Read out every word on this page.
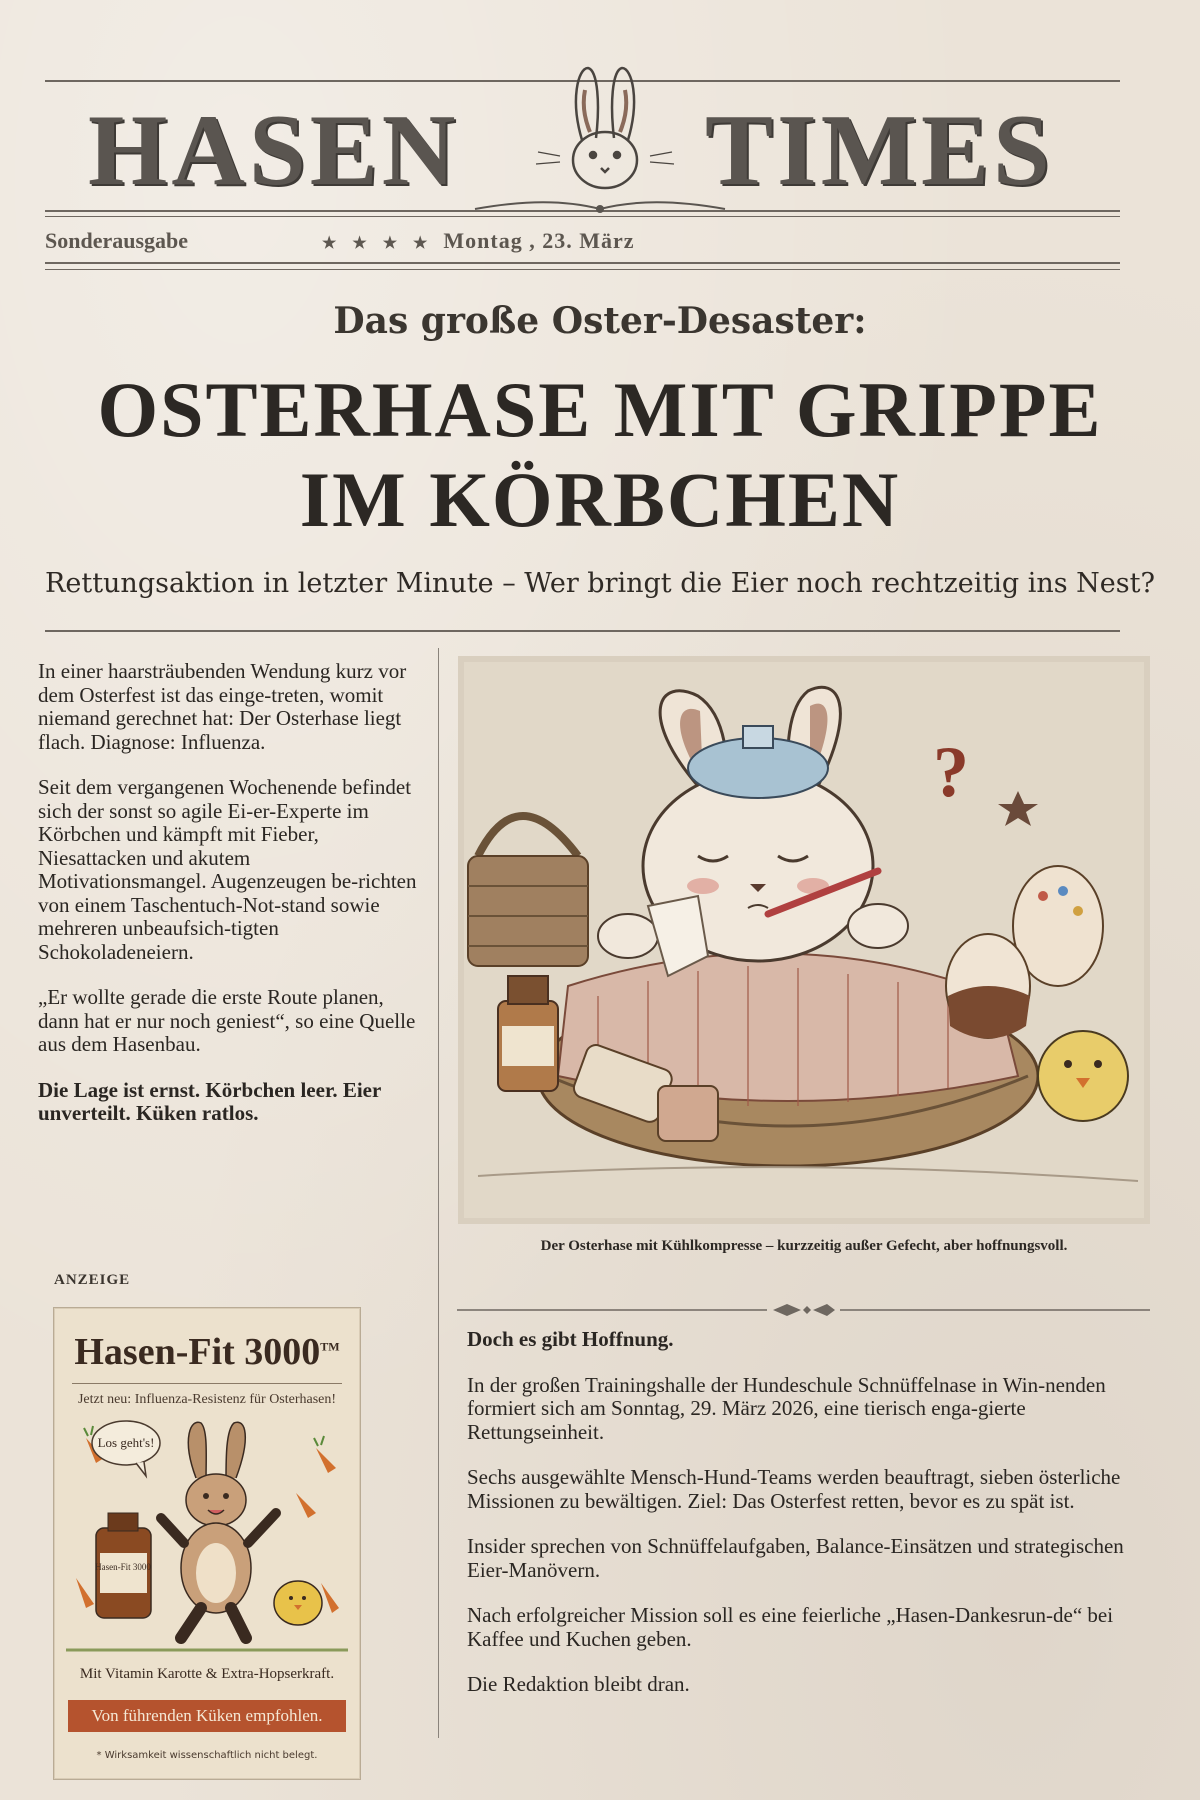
HASEN TIMES
Sonderausgabe	★ ★ ★ ★ Montag , 23. März
Das große Oster-Desaster:
OSTERHASE MIT GRIPPE
IM KÖRBCHEN
Rettungsaktion in letzter Minute – Wer bringt die Eier noch rechtzeitig ins Nest?

In einer haarsträubenden Wendung kurz vor dem Osterfest ist das einge-treten, womit niemand gerechnet hat: Der Osterhase liegt flach. Diagnose: Influenza.

Seit dem vergangenen Wochenende befindet sich der sonst so agile Ei-er-Experte im Körbchen und kämpft mit Fieber, Niesattacken und akutem Motivationsmangel. Augenzeugen be-richten von einem Taschentuch-Not-stand sowie mehreren unbeaufsich-tigten Schokoladeneiern.

„Er wollte gerade die erste Route planen, dann hat er nur noch geniest“, so eine Quelle aus dem Hasenbau.

Die Lage ist ernst. Körbchen leer. Eier unverteilt. Küken ratlos.

ANZEIGE
Hasen-Fit 3000™
Jetzt neu: Influenza-Resistenz für Osterhasen!
Los geht's!
Hasen-Fit 3000
Mit Vitamin Karotte & Extra-Hopserkraft.
Von führenden Küken empfohlen.
* Wirksamkeit wissenschaftlich nicht belegt.
?
Der Osterhase mit Kühlkompresse – kurzzeitig außer Gefecht, aber hoffnungsvoll.

Doch es gibt Hoffnung.

In der großen Trainingshalle der Hundeschule Schnüffelnase in Win-nenden formiert sich am Sonntag, 29. März 2026, eine tierisch enga-gierte Rettungseinheit.

Sechs ausgewählte Mensch-Hund-Teams werden beauftragt, sieben österliche Missionen zu bewältigen. Ziel: Das Osterfest retten, bevor es zu spät ist.

Insider sprechen von Schnüffelaufgaben, Balance-Einsätzen und strategischen Eier-Manövern.

Nach erfolgreicher Mission soll es eine feierliche „Hasen-Dankesrun-de“ bei Kaffee und Kuchen geben.

Die Redaktion bleibt dran.
